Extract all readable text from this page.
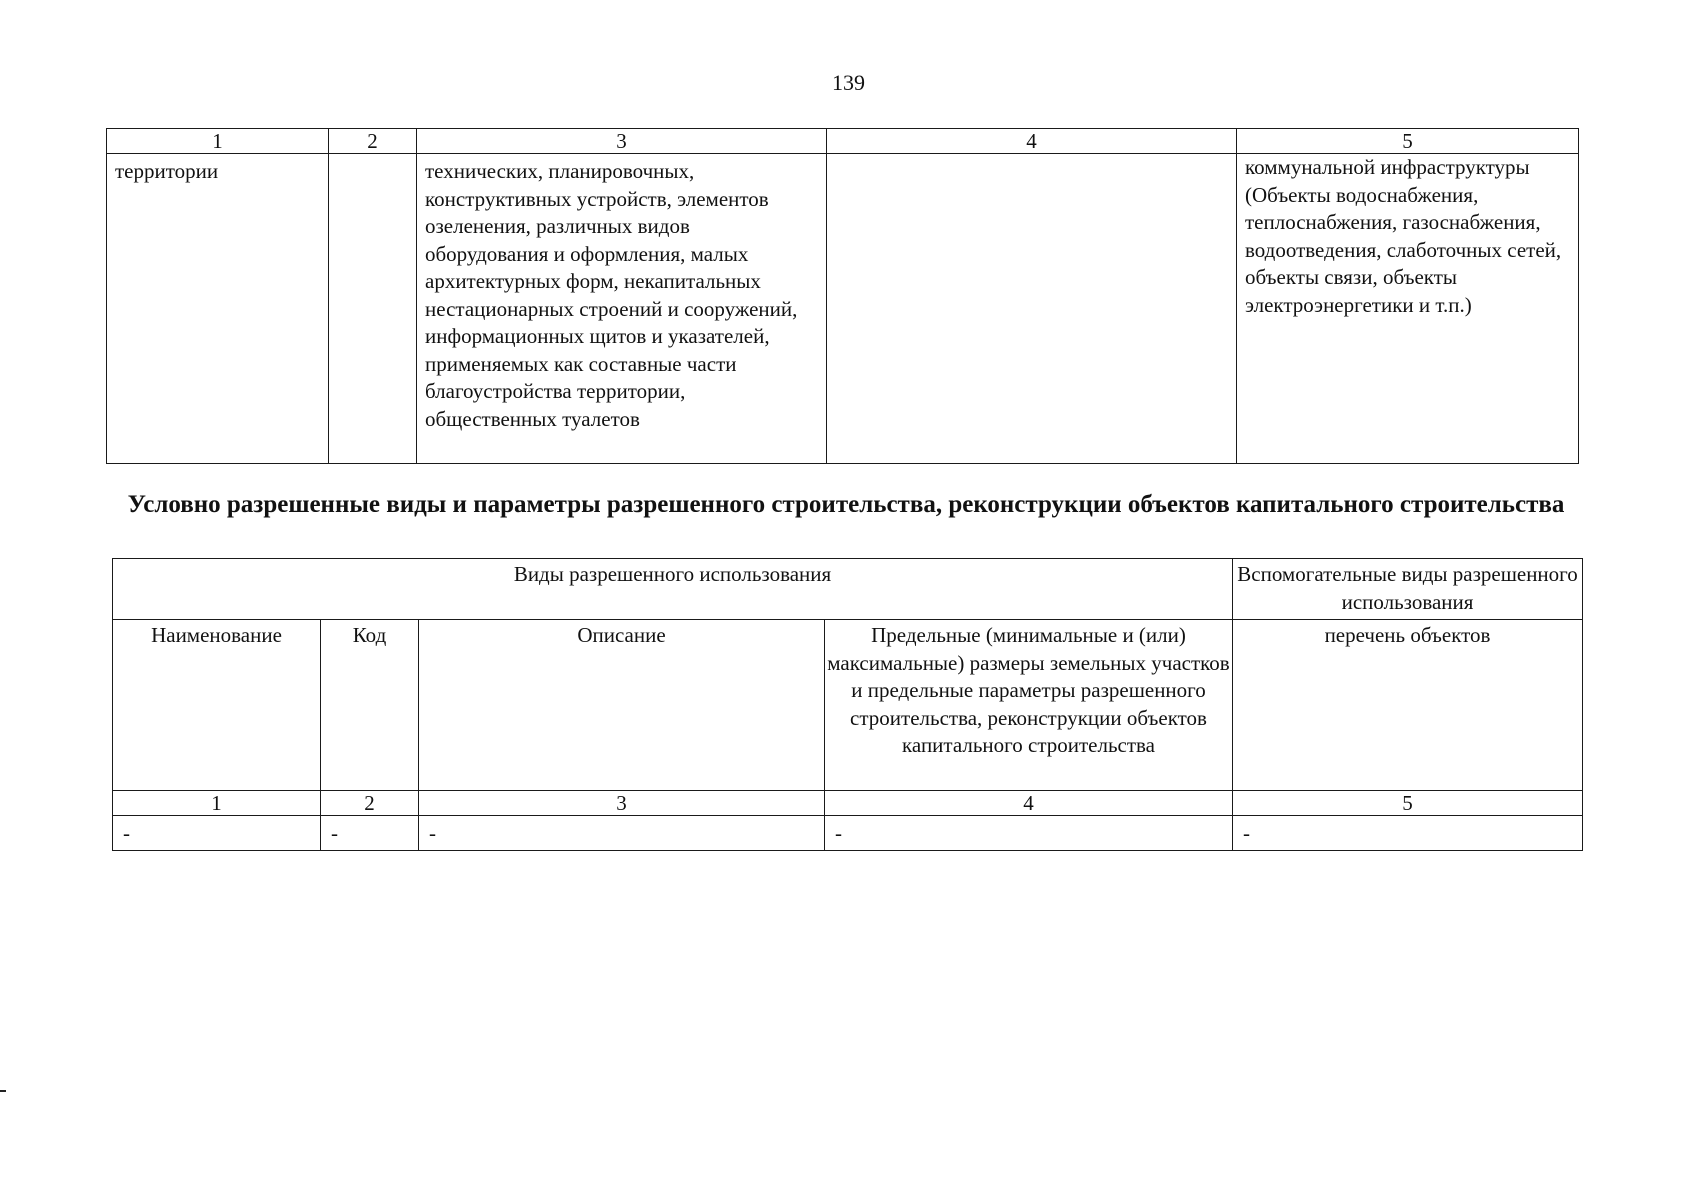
139
1	2	3	4	5
территории		технических, планировочных, конструктивных устройств, элементов озеленения, различных видов оборудования и оформления, малых архитектурных форм, некапитальных нестационарных строений и сооружений, информационных щитов и указателей, применяемых как составные части благоустройства территории, общественных туалетов		коммунальной инфраструктуры (Объекты водоснабжения, теплоснабжения, газоснабжения, водоотведения, слаботочных сетей, объекты связи, объекты электроэнергетики и т.п.)
Условно разрешенные виды и параметры разрешенного строительства, реконструкции объектов капитального строительства
Виды разрешенного использования				Вспомогательные виды разрешенного использования
Наименование	Код	Описание	Предельные (минимальные и (или) максимальные) размеры земельных участков и предельные параметры разрешенного строительства, реконструкции объектов капитального строительства	перечень объектов
1	2	3	4	5
-	-	-	-	-
